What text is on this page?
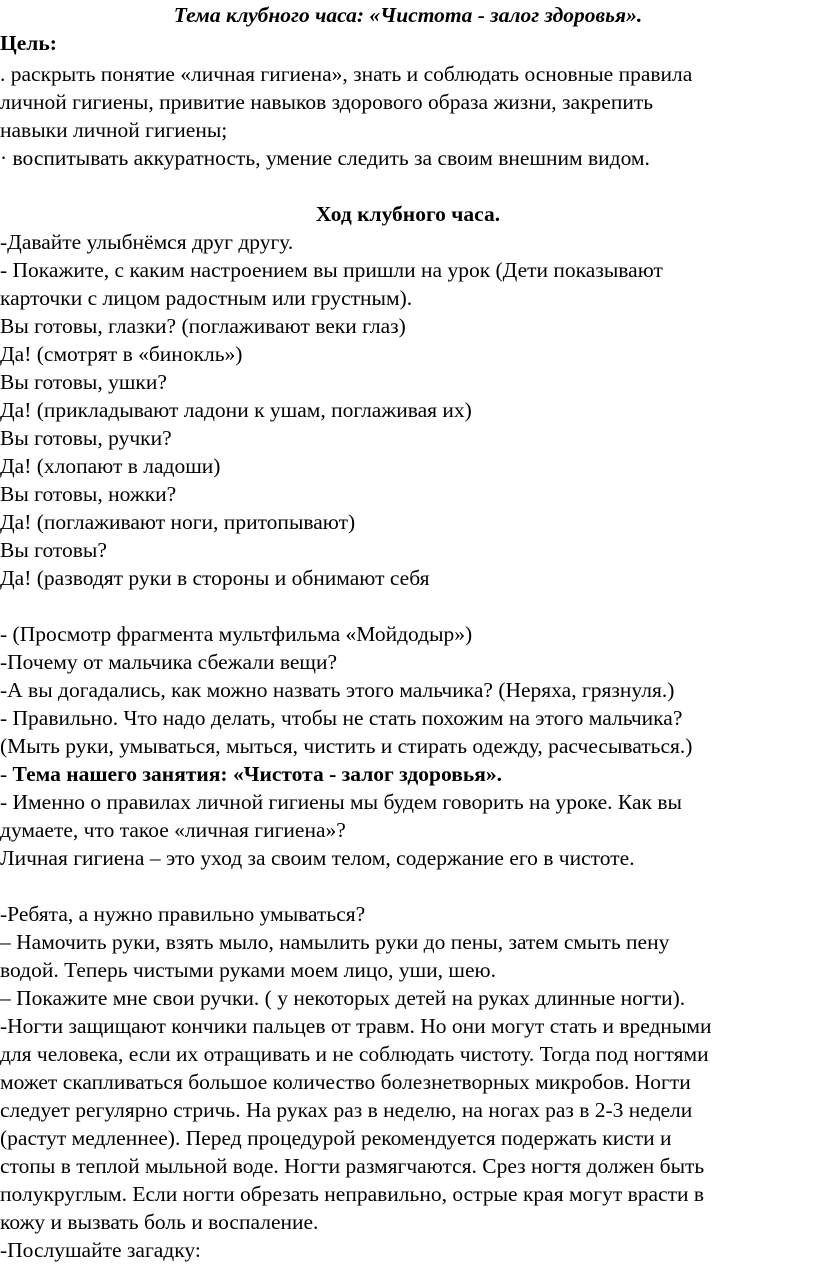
Тема клубного часа: «Чистота - залог здоровья».
Цель:
. раскрыть понятие «личная гигиена», знать и соблюдать основные правила
личной гигиены, привитие навыков здорового образа жизни, закрепить
навыки личной гигиены;
· воспитывать аккуратность, умение следить за своим внешним видом.
Ход клубного часа.
-Давайте улыбнёмся друг другу.
- Покажите, с каким настроением вы пришли на урок (Дети показывают
карточки с лицом радостным или грустным).
Вы готовы, глазки? (поглаживают веки глаз)
Да! (смотрят в «бинокль»)
Вы готовы, ушки?
Да! (прикладывают ладони к ушам, поглаживая их)
Вы готовы, ручки?
Да! (хлопают в ладоши)
Вы готовы, ножки?
Да! (поглаживают ноги, притопывают)
Вы готовы?
Да! (разводят руки в стороны и обнимают себя
- (Просмотр фрагмента мультфильма «Мойдодыр»)
-Почему от мальчика сбежали вещи?
-А вы догадались, как можно назвать этого мальчика? (Неряха, грязнуля.)
- Правильно. Что надо делать, чтобы не стать похожим на этого мальчика?
(Мыть руки, умываться, мыться, чистить и стирать одежду, расчесываться.)
- Тема нашего занятия: «Чистота - залог здоровья».
- Именно о правилах личной гигиены мы будем говорить на уроке. Как вы
думаете, что такое «личная гигиена»?
Личная гигиена – это уход за своим телом, содержание его в чистоте.
-Ребята, а нужно правильно умываться?
– Намочить руки, взять мыло, намылить руки до пены, затем смыть пену
водой. Теперь чистыми руками моем лицо, уши, шею.
– Покажите мне свои ручки. ( у некоторых детей на руках длинные ногти).
-Ногти защищают кончики пальцев от травм. Но они могут стать и вредными
для человека, если их отращивать и не соблюдать чистоту. Тогда под ногтями
может скапливаться большое количество болезнетворных микробов. Ногти
следует регулярно стричь. На руках раз в неделю, на ногах раз в 2-3 недели
(растут медленнее). Перед процедурой рекомендуется подержать кисти и
стопы в теплой мыльной воде. Ногти размягчаются. Срез ногтя должен быть
полукруглым. Если ногти обрезать неправильно, острые края могут врасти в
кожу и вызвать боль и воспаление.
-Послушайте загадку:
